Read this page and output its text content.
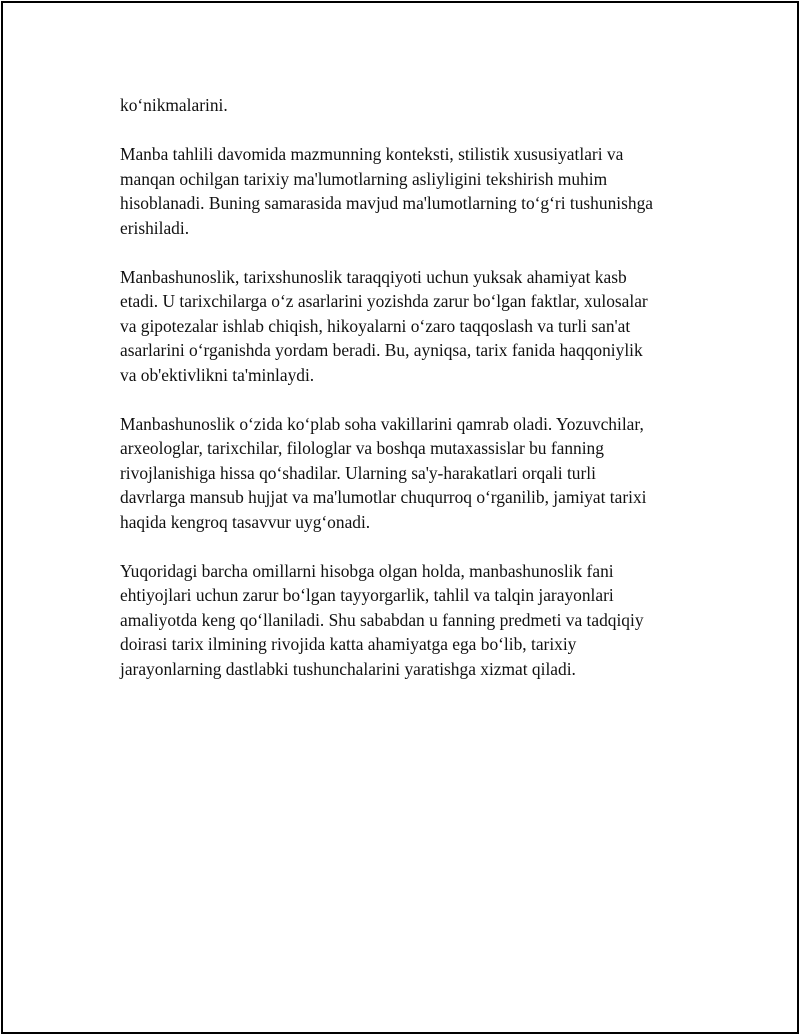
ko‘nikmalarini.

Manba tahlili davomida mazmunning konteksti, stilistik xususiyatlari va
manqan ochilgan tarixiy ma'lumotlarning asliyligini tekshirish muhim
hisoblanadi. Buning samarasida mavjud ma'lumotlarning to‘g‘ri tushunishga
erishiladi.

Manbashunoslik, tarixshunoslik taraqqiyoti uchun yuksak ahamiyat kasb
etadi. U tarixchilarga o‘z asarlarini yozishda zarur bo‘lgan faktlar, xulosalar
va gipotezalar ishlab chiqish, hikoyalarni o‘zaro taqqoslash va turli san'at
asarlarini o‘rganishda yordam beradi. Bu, ayniqsa, tarix fanida haqqoniylik
va ob'ektivlikni ta'minlaydi.

Manbashunoslik o‘zida ko‘plab soha vakillarini qamrab oladi. Yozuvchilar,
arxeologlar, tarixchilar, filologlar va boshqa mutaxassislar bu fanning
rivojlanishiga hissa qo‘shadilar. Ularning sa'y-harakatlari orqali turli
davrlarga mansub hujjat va ma'lumotlar chuqurroq o‘rganilib, jamiyat tarixi
haqida kengroq tasavvur uyg‘onadi.

Yuqoridagi barcha omillarni hisobga olgan holda, manbashunoslik fani
ehtiyojlari uchun zarur bo‘lgan tayyorgarlik, tahlil va talqin jarayonlari
amaliyotda keng qo‘llaniladi. Shu sababdan u fanning predmeti va tadqiqiy
doirasi tarix ilmining rivojida katta ahamiyatga ega bo‘lib, tarixiy
jarayonlarning dastlabki tushunchalarini yaratishga xizmat qiladi.
